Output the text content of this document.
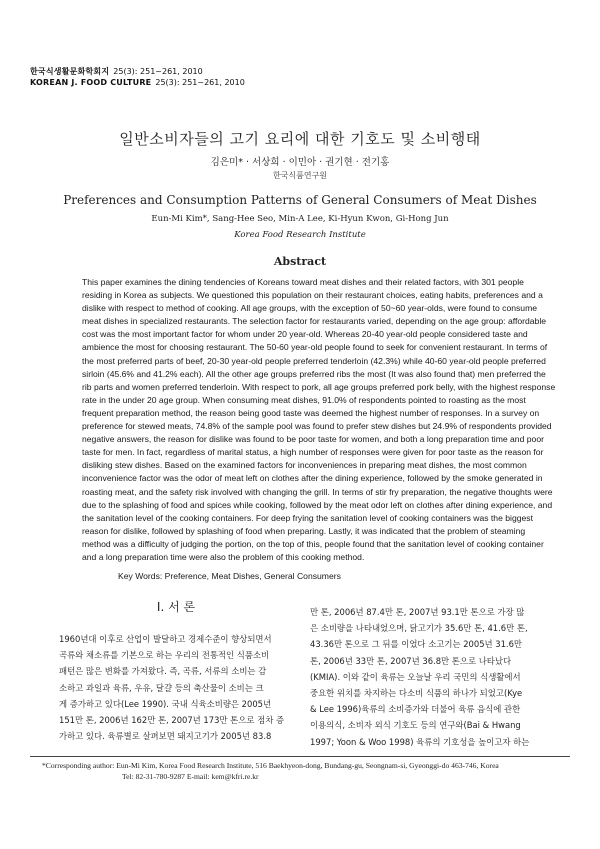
한국식생활문화학회지 25(3): 251~261, 2010
KOREAN J. FOOD CULTURE 25(3): 251~261, 2010
일반소비자들의 고기 요리에 대한 기호도 및 소비행태
김은미* · 서상희 · 이민아 · 권기현 · 전기홍
한국식품연구원
Preferences and Consumption Patterns of General Consumers of Meat Dishes
Eun-Mi Kim*, Sang-Hee Seo, Min-A Lee, Ki-Hyun Kwon, Gi-Hong Jun
Korea Food Research Institute
Abstract
This paper examines the dining tendencies of Koreans toward meat dishes and their related factors, with 301 people
residing in Korea as subjects. We questioned this population on their restaurant choices, eating habits, preferences and a
dislike with respect to method of cooking. All age groups, with the exception of 50~60 year-olds, were found to consume
meat dishes in specialized restaurants. The selection factor for restaurants varied, depending on the age group: affordable
cost was the most important factor for whom under 20 year-old. Whereas 20-40 year-old people considered taste and
ambience the most for choosing restaurant. The 50-60 year-old people found to seek for convenient restaurant. In terms of
the most preferred parts of beef, 20-30 year-old people preferred tenderloin (42.3%) while 40-60 year-old people preferred
sirloin (45.6% and 41.2% each). All the other age groups preferred ribs the most (It was also found that) men preferred the
rib parts and women preferred tenderloin. With respect to pork, all age groups preferred pork belly, with the highest response
rate in the under 20 age group. When consuming meat dishes, 91.0% of respondents pointed to roasting as the most
frequent preparation method, the reason being good taste was deemed the highest number of responses. In a survey on
preference for stewed meats, 74.8% of the sample pool was found to prefer stew dishes but 24.9% of respondents provided
negative answers, the reason for dislike was found to be poor taste for women, and both a long preparation time and poor
taste for men. In fact, regardless of marital status, a high number of responses were given for poor taste as the reason for
disliking stew dishes. Based on the examined factors for inconveniences in preparing meat dishes, the most common
inconvenience factor was the odor of meat left on clothes after the dining experience, followed by the smoke generated in
roasting meat, and the safety risk involved with changing the grill. In terms of stir fry preparation, the negative thoughts were
due to the splashing of food and spices while cooking, followed by the meat odor left on clothes after dining experience, and
the sanitation level of the cooking containers. For deep frying the sanitation level of cooking containers was the biggest
reason for dislike, followed by splashing of food when preparing. Lastly, it was indicated that the problem of steaming
method was a difficulty of judging the portion, on the top of this, people found that the sanitation level of cooking container
and a long preparation time were also the problem of this cooking method.
Key Words: Preference, Meat Dishes, General Consumers
I. 서 론
1960년대 이후로 산업이 발달하고 경제수준이 향상되면서
곡류와 채소류를 기본으로 하는 우리의 전통적인 식품소비
패턴은 많은 변화를 가져왔다. 즉, 곡류, 서류의 소비는 감
소하고 과일과 육류, 우유, 달걀 등의 축산물이 소비는 크
게 증가하고 있다(Lee 1990). 국내 식육소비량은 2005년
151만 톤, 2006년 162만 톤, 2007년 173만 톤으로 점차 증
가하고 있다. 육류별로 살펴보면 돼지고기가 2005년 83.8
만 톤, 2006년 87.4만 톤, 2007년 93.1만 톤으로 가장 많
은 소비량을 나타내었으며, 닭고기가 35.6만 톤, 41.6만 톤,
43.36만 톤으로 그 뒤를 이었다 소고기는 2005년 31.6만
톤, 2006년 33만 톤, 2007년 36.8만 톤으로 나타났다
(KMIA). 이와 같이 육류는 오늘날 우리 국민의 식생활에서
중요한 위치를 차지하는 다소비 식품의 하나가 되었고(Kye
& Lee 1996)육류의 소비증가와 더불어 육류 음식에 관한
이용의식, 소비자 외식 기호도 등의 연구와(Bai & Hwang
1997; Yoon & Woo 1998) 육류의 기호성을 높이고자 하는
*Corresponding author: Eun-Mi Kim, Korea Food Research Institute, 516 Baekhyeon-dong, Bundang-gu, Seongnam-si, Gyeonggi-do 463-746, Korea
Tel: 82-31-780-9287 E-mail: kem@kfri.re.kr
